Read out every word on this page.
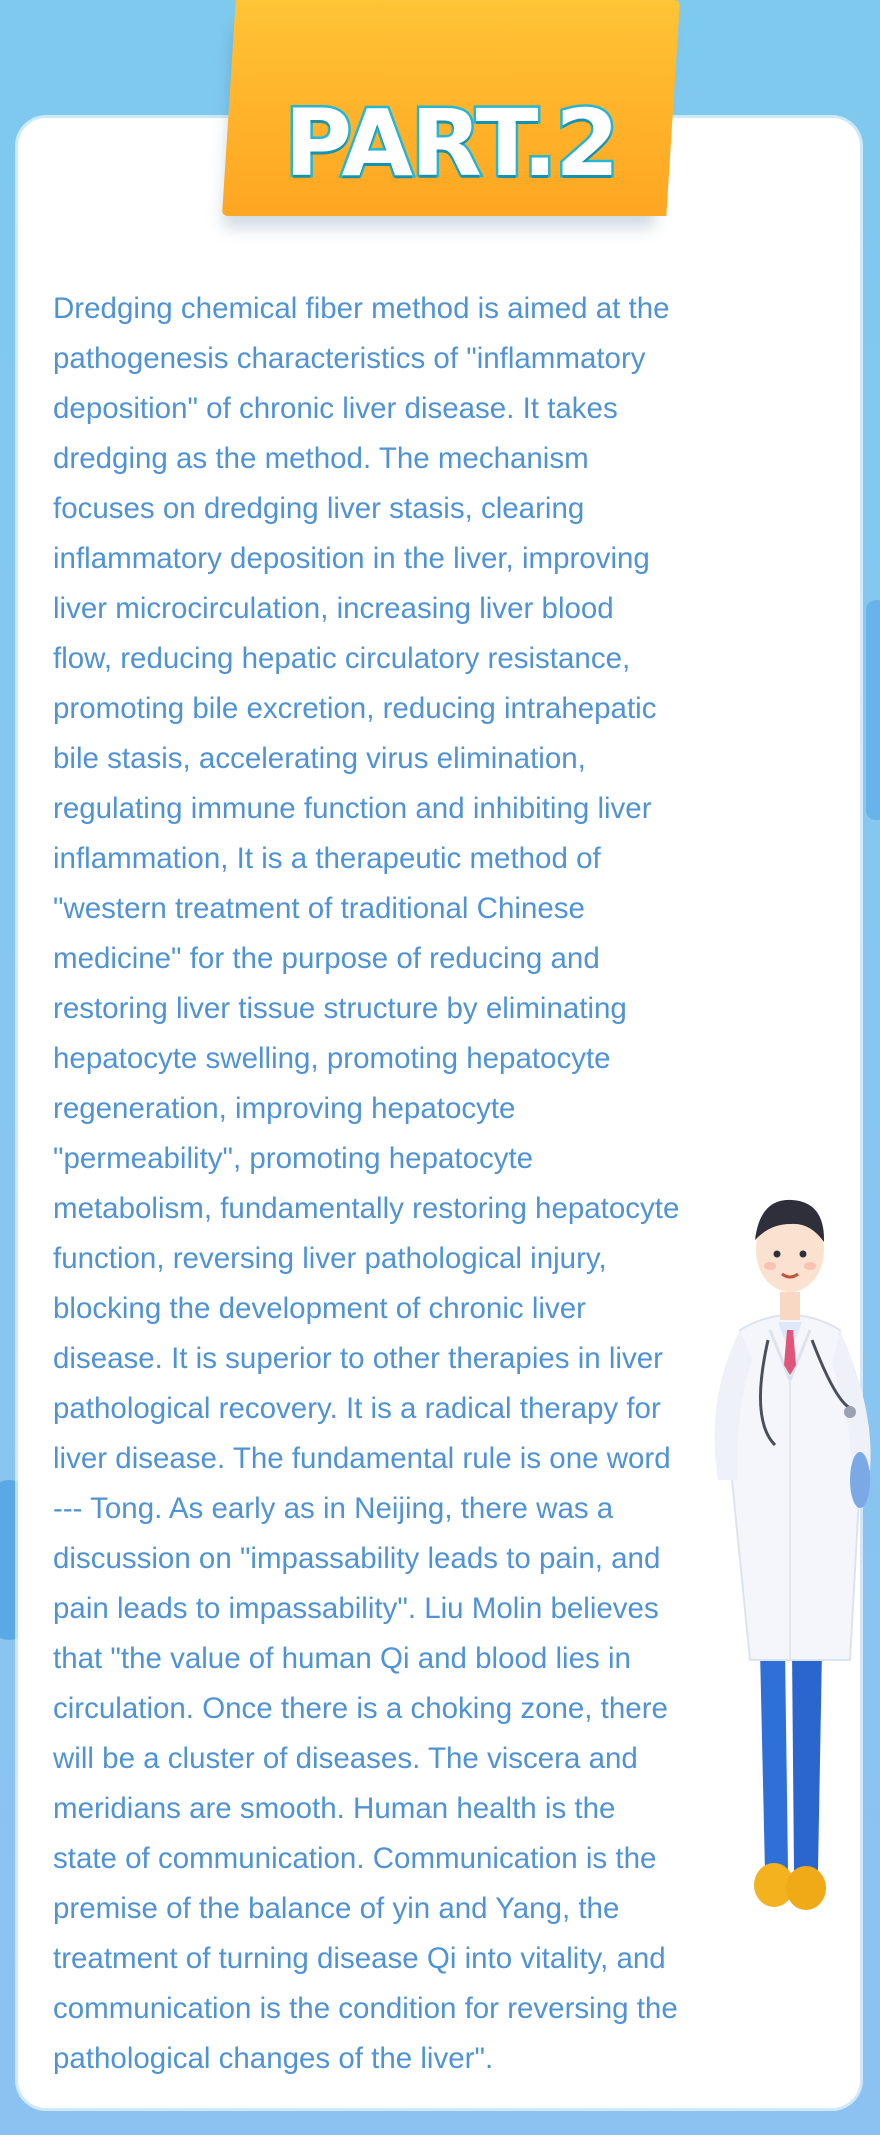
PART.2

Dredging chemical fiber method is aimed at the
pathogenesis characteristics of "inflammatory
deposition" of chronic liver disease. It takes
dredging as the method. The mechanism
focuses on dredging liver stasis, clearing
inflammatory deposition in the liver, improving
liver microcirculation, increasing liver blood
flow, reducing hepatic circulatory resistance,
promoting bile excretion, reducing intrahepatic
bile stasis, accelerating virus elimination,
regulating immune function and inhibiting liver
inflammation, It is a therapeutic method of
"western treatment of traditional Chinese
medicine" for the purpose of reducing and
restoring liver tissue structure by eliminating
hepatocyte swelling, promoting hepatocyte
regeneration, improving hepatocyte
"permeability", promoting hepatocyte
metabolism, fundamentally restoring hepatocyte
function, reversing liver pathological injury,
blocking the development of chronic liver
disease. It is superior to other therapies in liver
pathological recovery. It is a radical therapy for
liver disease. The fundamental rule is one word
--- Tong. As early as in Neijing, there was a
discussion on "impassability leads to pain, and
pain leads to impassability". Liu Molin believes
that "the value of human Qi and blood lies in
circulation. Once there is a choking zone, there
will be a cluster of diseases. The viscera and
meridians are smooth. Human health is the
state of communication. Communication is the
premise of the balance of yin and Yang, the
treatment of turning disease Qi into vitality, and
communication is the condition for reversing the
pathological changes of the liver".
